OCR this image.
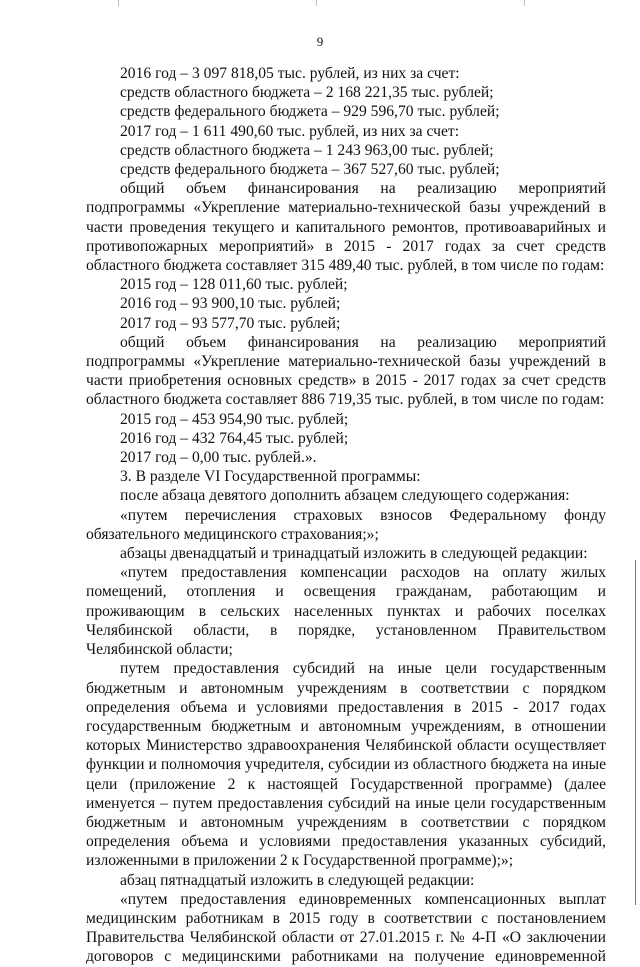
9

2016 год – 3 097 818,05 тыс. рублей, из них за счет:

средств областного бюджета – 2 168 221,35 тыс. рублей;

средств федерального бюджета – 929 596,70 тыс. рублей;

2017 год – 1 611 490,60 тыс. рублей, из них за счет:

средств областного бюджета – 1 243 963,00 тыс. рублей;

средств федерального бюджета – 367 527,60 тыс. рублей;

общий объем финансирования на реализацию мероприятий подпрограммы «Укрепление материально-технической базы учреждений в части проведения текущего и капитального ремонтов, противоаварийных и противопожарных мероприятий» в 2015 - 2017 годах за счет средств областного бюджета составляет 315 489,40 тыс. рублей, в том числе по годам:

2015 год – 128 011,60 тыс. рублей;

2016 год – 93 900,10 тыс. рублей;

2017 год – 93 577,70 тыс. рублей;

общий объем финансирования на реализацию мероприятий подпрограммы «Укрепление материально-технической базы учреждений в части приобретения основных средств» в 2015 - 2017 годах за счет средств областного бюджета составляет 886 719,35 тыс. рублей, в том числе по годам:

2015 год – 453 954,90 тыс. рублей;

2016 год – 432 764,45 тыс. рублей;

2017 год – 0,00 тыс. рублей.».

3. В разделе VI Государственной программы:

после абзаца девятого дополнить абзацем следующего содержания:

«путем перечисления страховых взносов Федеральному фонду обязательного медицинского страхования;»;

абзацы двенадцатый и тринадцатый изложить в следующей редакции:

«путем предоставления компенсации расходов на оплату жилых помещений, отопления и освещения гражданам, работающим и проживающим в сельских населенных пунктах и рабочих поселках Челябинской области, в порядке, установленном Правительством Челябинской области;

путем предоставления субсидий на иные цели государственным бюджетным и автономным учреждениям в соответствии с порядком определения объема и условиями предоставления в 2015 - 2017 годах государственным бюджетным и автономным учреждениям, в отношении которых Министерство здравоохранения Челябинской области осуществляет функции и полномочия учредителя, субсидии из областного бюджета на иные цели (приложение 2 к настоящей Государственной программе) (далее именуется – путем предоставления субсидий на иные цели государственным бюджетным и автономным учреждениям в соответствии с порядком определения объема и условиями предоставления указанных субсидий, изложенными в приложении 2 к Государственной программе);»;

абзац пятнадцатый изложить в следующей редакции:

«путем предоставления единовременных компенсационных выплат медицинским работникам в 2015 году в соответствии с постановлением Правительства Челябинской области от 27.01.2015 г. № 4-П «О заключении договоров с медицинскими работниками на получение единовременной
